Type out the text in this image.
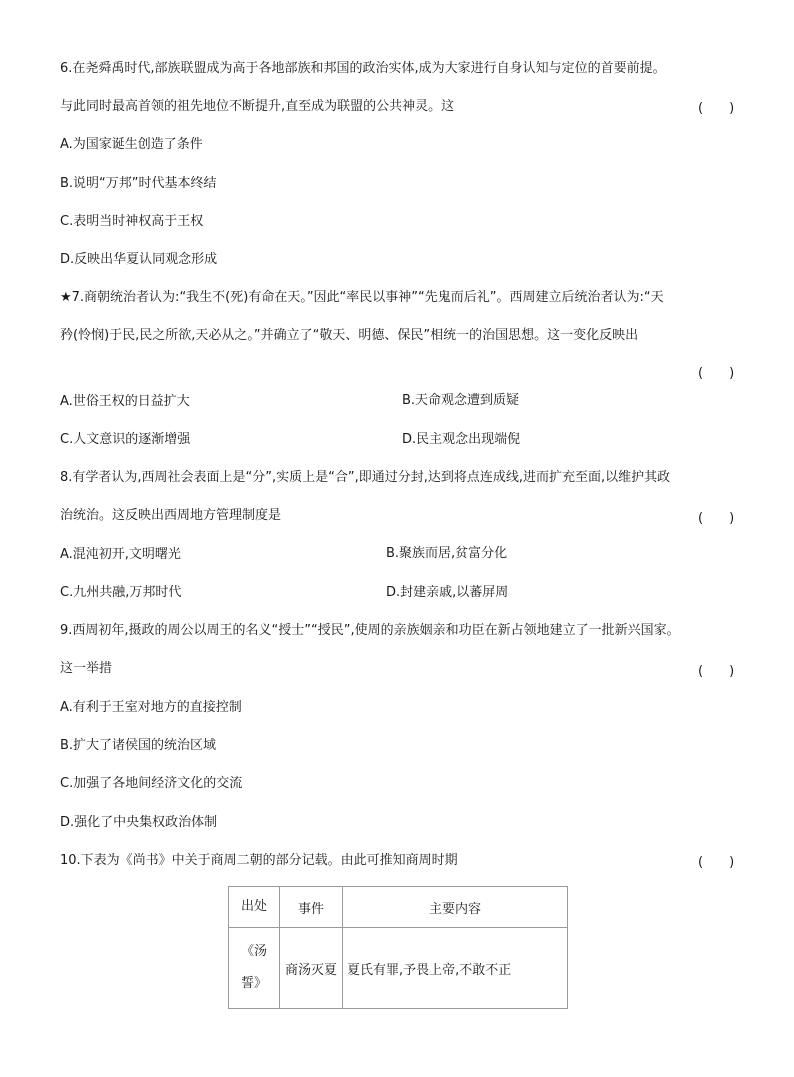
6.在尧舜禹时代,部族联盟成为高于各地部族和邦国的政治实体,成为大家进行自身认知与定位的首要前提。
与此同时最高首领的祖先地位不断提升,直至成为联盟的公共神灵。这	(　　)
A.为国家诞生创造了条件
B.说明“万邦”时代基本终结
C.表明当时神权高于王权
D.反映出华夏认同观念形成
★7.商朝统治者认为:“我生不(死)有命在天。”因此“率民以事神”“先鬼而后礼”。西周建立后统治者认为:“天
矜(怜悯)于民,民之所欲,天必从之。”并确立了“敬天、明德、保民”相统一的治国思想。这一变化反映出
(　　)
A.世俗王权的日益扩大	B.天命观念遭到质疑
C.人文意识的逐渐增强	D.民主观念出现端倪
8.有学者认为,西周社会表面上是“分”,实质上是“合”,即通过分封,达到将点连成线,进而扩充至面,以维护其政
治统治。这反映出西周地方管理制度是	(　　)
A.混沌初开,文明曙光	B.聚族而居,贫富分化
C.九州共融,万邦时代	D.封建亲戚,以蕃屏周
9.西周初年,摄政的周公以周王的名义“授士”“授民”,使周的亲族姻亲和功臣在新占领地建立了一批新兴国家。
这一举措	(　　)
A.有利于王室对地方的直接控制
B.扩大了诸侯国的统治区域
C.加强了各地间经济文化的交流
D.强化了中央集权政治体制
10.下表为《尚书》中关于商周二朝的部分记载。由此可推知商周时期	(　　)
出处	事件	主要内容
《汤誓》	商汤灭夏	夏氏有罪,予畏上帝,不敢不正
